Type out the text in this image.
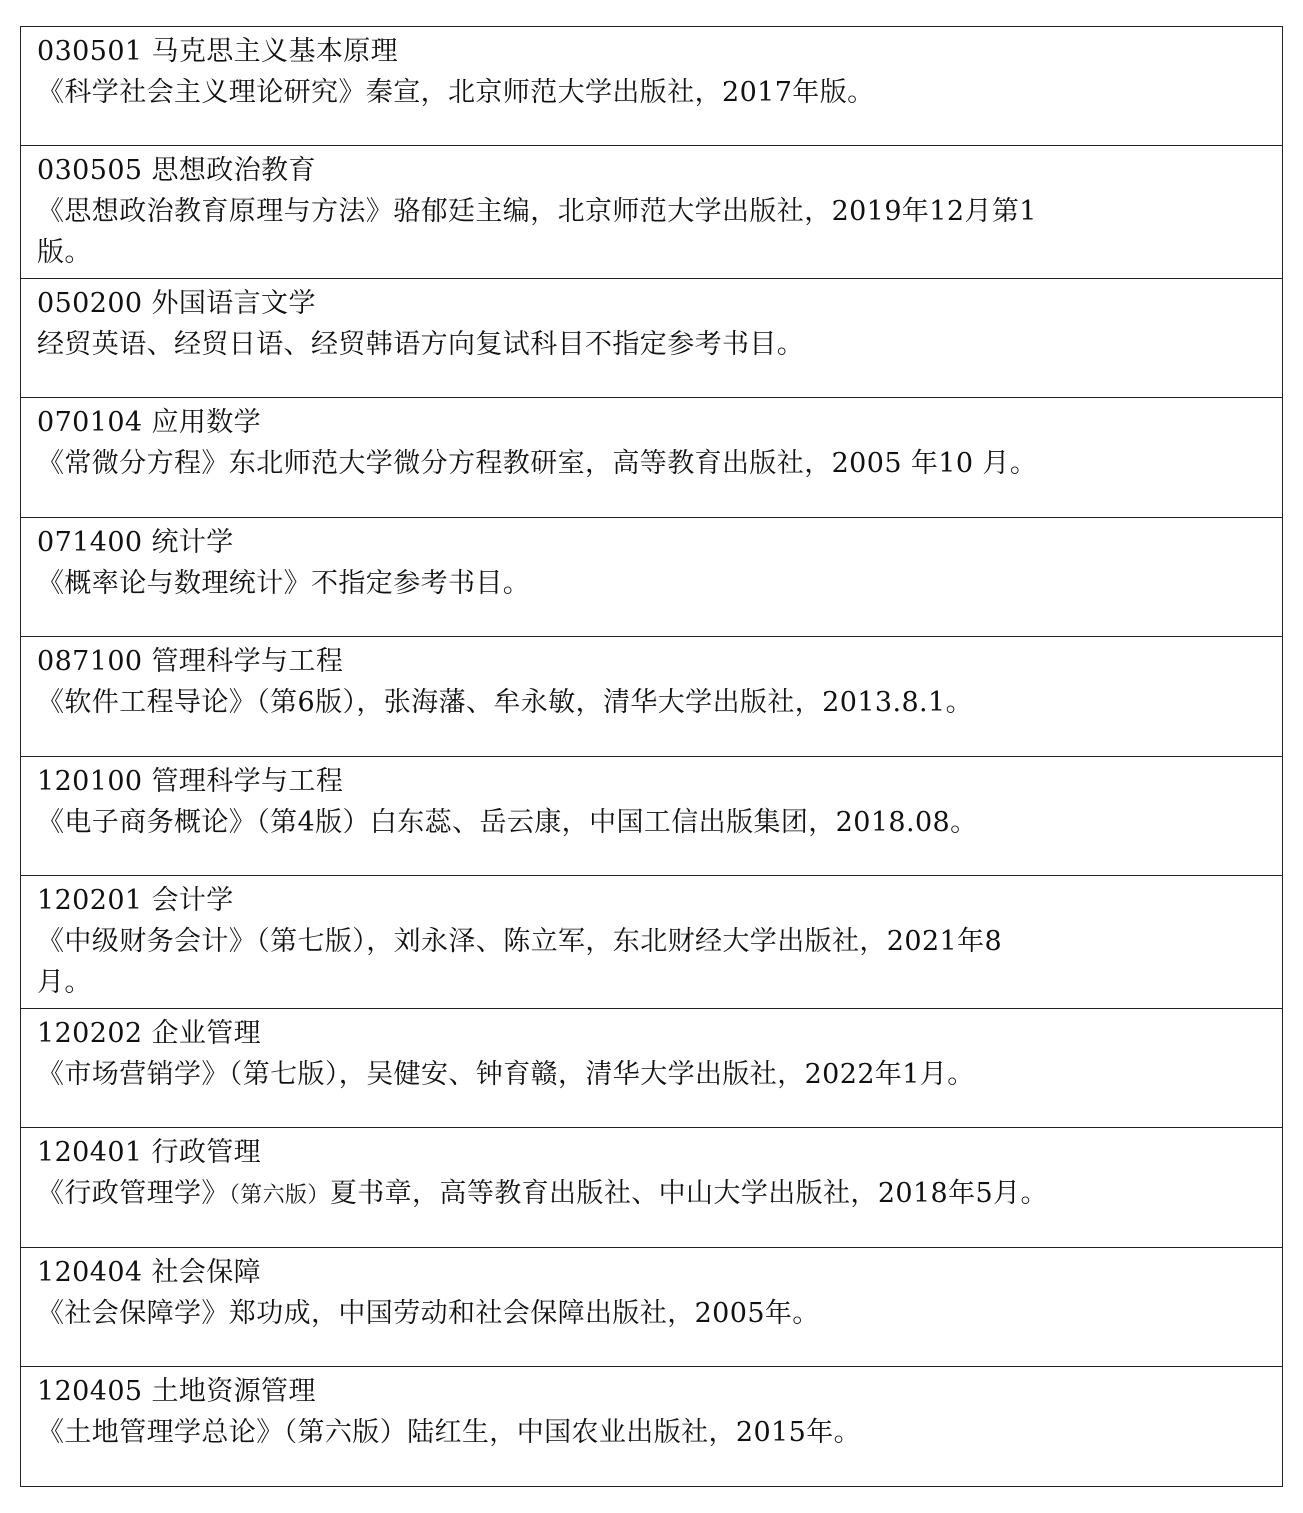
030501 马克思主义基本原理
《科学社会主义理论研究》秦宣，北京师范大学出版社，2017年版。
030505 思想政治教育
《思想政治教育原理与方法》骆郁廷主编，北京师范大学出版社，2019年12月第1
版。
050200 外国语言文学
经贸英语、经贸日语、经贸韩语方向复试科目不指定参考书目。
070104 应用数学
《常微分方程》东北师范大学微分方程教研室，高等教育出版社，2005 年10 月。
071400 统计学
《概率论与数理统计》不指定参考书目。
087100 管理科学与工程
《软件工程导论》（第6版），张海藩、牟永敏，清华大学出版社，2013.8.1。
120100 管理科学与工程
《电子商务概论》（第4版）白东蕊、岳云康，中国工信出版集团，2018.08。
120201 会计学
《中级财务会计》（第七版），刘永泽、陈立军，东北财经大学出版社，2021年8
月。
120202 企业管理
《市场营销学》（第七版），吴健安、钟育赣，清华大学出版社，2022年1月。
120401 行政管理
《行政管理学》（第六版）夏书章，高等教育出版社、中山大学出版社，2018年5月。
120404 社会保障
《社会保障学》郑功成，中国劳动和社会保障出版社，2005年。
120405 土地资源管理
《土地管理学总论》（第六版）陆红生，中国农业出版社，2015年。
